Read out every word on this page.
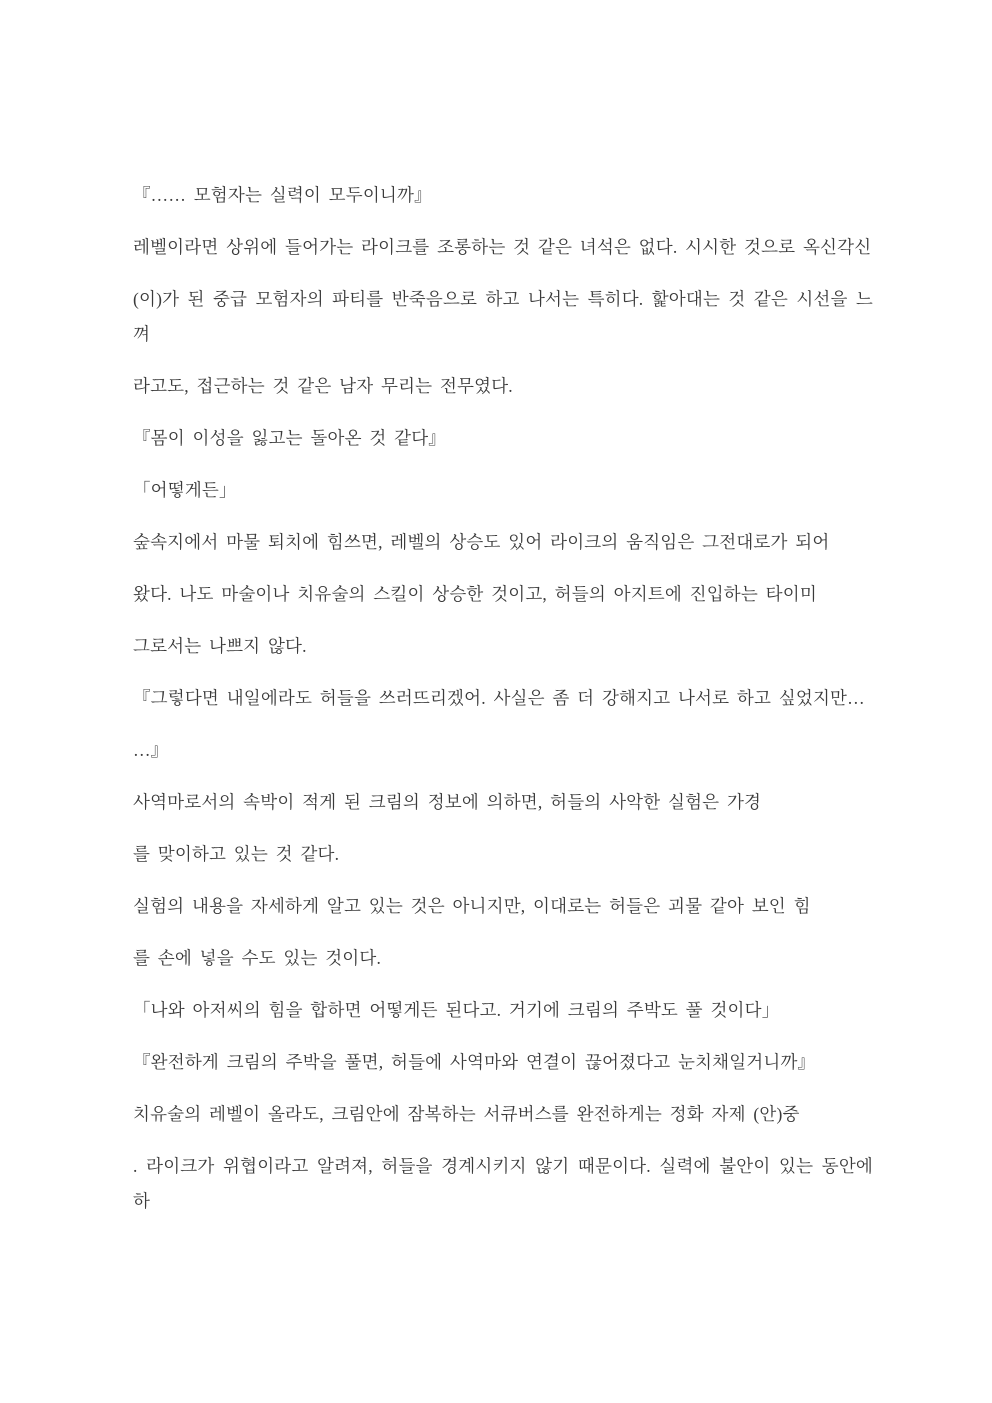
『…… 모험자는 실력이 모두이니까』

레벨이라면 상위에 들어가는 라이크를 조롱하는 것 같은 녀석은 없다. 시시한 것으로 옥신각신

(이)가 된 중급 모험자의 파티를 반죽음으로 하고 나서는 특히다. 핥아대는 것 같은 시선을 느껴

라고도, 접근하는 것 같은 남자 무리는 전무였다.

『몸이 이성을 잃고는 돌아온 것 같다』

「어떻게든」

숲속지에서 마물 퇴치에 힘쓰면, 레벨의 상승도 있어 라이크의 움직임은 그전대로가 되어

왔다. 나도 마술이나 치유술의 스킬이 상승한 것이고, 허들의 아지트에 진입하는 타이미

그로서는 나쁘지 않다.

『그렇다면 내일에라도 허들을 쓰러뜨리겠어. 사실은 좀 더 강해지고 나서로 하고 싶었지만…

…』

사역마로서의 속박이 적게 된 크림의 정보에 의하면, 허들의 사악한 실험은 가경

를 맞이하고 있는 것 같다.

실험의 내용을 자세하게 알고 있는 것은 아니지만, 이대로는 허들은 괴물 같아 보인 힘

를 손에 넣을 수도 있는 것이다.

「나와 아저씨의 힘을 합하면 어떻게든 된다고. 거기에 크림의 주박도 풀 것이다」

『완전하게 크림의 주박을 풀면, 허들에 사역마와 연결이 끊어졌다고 눈치채일거니까』

치유술의 레벨이 올라도, 크림안에 잠복하는 서큐버스를 완전하게는 정화 자제 (안)중

. 라이크가 위협이라고 알려져, 허들을 경계시키지 않기 때문이다. 실력에 불안이 있는 동안에하
